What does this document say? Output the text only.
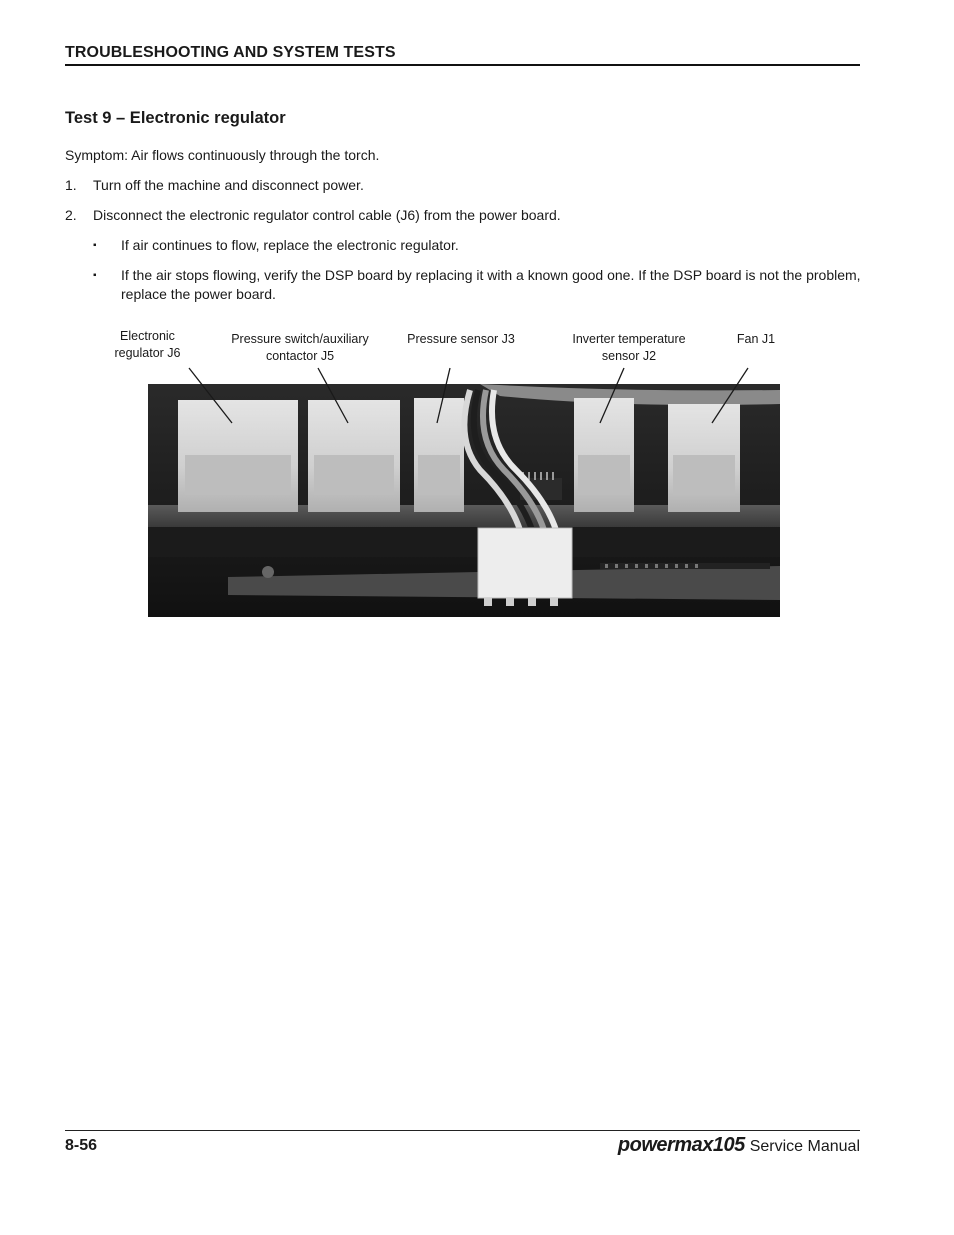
TROUBLESHOOTING AND SYSTEM TESTS
Test 9 – Electronic regulator
Symptom: Air flows continuously through the torch.
1. Turn off the machine and disconnect power.
2. Disconnect the electronic regulator control cable (J6) from the power board.
▪ If air continues to flow, replace the electronic regulator.
▪ If the air stops flowing, verify the DSP board by replacing it with a known good one. If the DSP board is not the problem, replace the power board.
Electronic
regulator J6
Pressure switch/auxiliary
contactor J5
Pressure sensor J3	Inverter temperature
sensor J2
Fan J1
8-56	powermax105 Service Manual
